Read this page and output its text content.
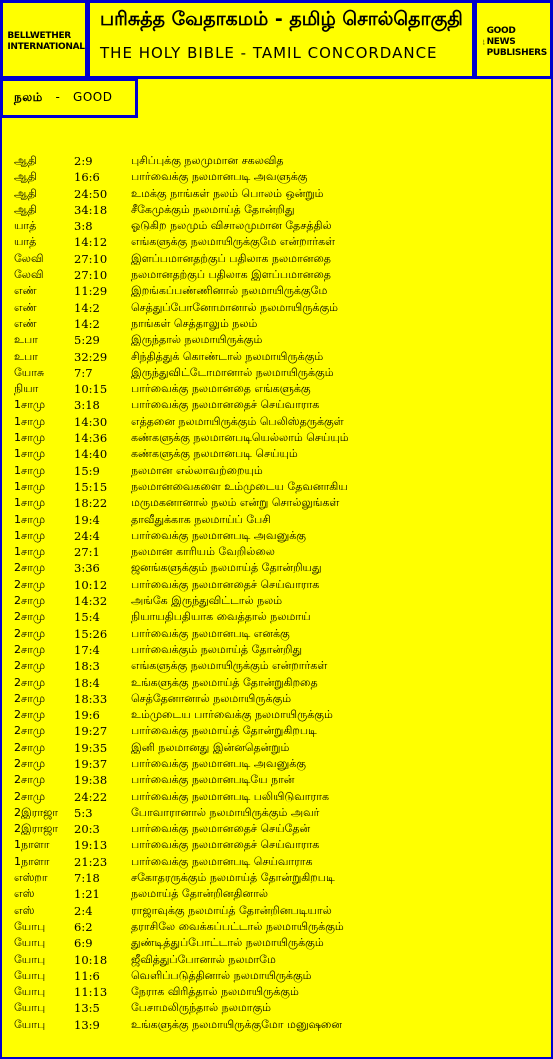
BELLWETHER
INTERNATIONAL
பரிசுத்த வேதாகமம் - தமிழ் சொல்தொகுதி
THE HOLY BIBLE - TAMIL CONCORDANCE
GOOD NEWS
PUBLISHERS
நலம் - GOOD
ஆதி	2:9	புசிப்புக்கு நலமுமான சகலவித
ஆதி	16:6	பார்வைக்கு நலமானபடி அவளுக்கு
ஆதி	24:50	உமக்கு நாங்கள் நலம் பொலம் ஒன்றும்
ஆதி	34:18	சீகேமுக்கும் நலமாய்த் தோன்றிது
யாத்	3:8	ஓடுகிற நலமும் விசாலமுமான தேசத்தில்
யாத்	14:12	எங்களுக்கு நலமாயிருக்குமே என்றார்கள்
லேவி	27:10	இளப்பமானதற்குப் பதிலாக நலமானதை
லேவி	27:10	நலமானதற்குப் பதிலாக இளப்பமானதை
எண்	11:29	இறங்கப்பண்ணினால் நலமாயிருக்குமே
எண்	14:2	செத்துப்போனோமானால் நலமாயிருக்கும்
எண்	14:2	நாங்கள் செத்தாலும் நலம்
உபா	5:29	இருந்தால் நலமாயிருக்கும்
உபா	32:29	சிந்தித்துக் கொண்டால் நலமாயிருக்கும்
யோசு	7:7	இருந்துவிட்டோமானால் நலமாயிருக்கும்
நியா	10:15	பார்வைக்கு நலமானதை எங்களுக்கு
1சாமு	3:18	பார்வைக்கு நலமானதைச் செய்வாராக
1சாமு	14:30	எத்தனை நலமாயிருக்கும் பெலிஸ்தருக்குள்
1சாமு	14:36	கண்களுக்கு நலமானபடியெல்லாம் செய்யும்
1சாமு	14:40	கண்களுக்கு நலமானபடி செய்யும்
1சாமு	15:9	நலமான எல்லாவற்றையும்
1சாமு	15:15	நலமானவைகளை உம்முடைய தேவனாகிய
1சாமு	18:22	மருமகனானால் நலம் என்று சொல்லுங்கள்
1சாமு	19:4	தாவீதுக்காக நலமாய்ப் பேசி
1சாமு	24:4	பார்வைக்கு நலமானபடி அவனுக்கு
1சாமு	27:1	நலமான காரியம் வேறில்லை
2சாமு	3:36	ஜனங்களுக்கும் நலமாய்த் தோன்றியது
2சாமு	10:12	பார்வைக்கு நலமானதைச் செய்வாராக
2சாமு	14:32	அங்கே இருந்துவிட்டால் நலம்
2சாமு	15:4	நியாயதிபதியாக வைத்தால் நலமாய்
2சாமு	15:26	பார்வைக்கு நலமானபடி எனக்கு
2சாமு	17:4	பார்வைக்கும் நலமாய்த் தோன்றிது
2சாமு	18:3	எங்களுக்கு நலமாயிருக்கும் என்றார்கள்
2சாமு	18:4	உங்களுக்கு நலமாய்த் தோன்றுகிறதை
2சாமு	18:33	செத்தேனானால் நலமாயிருக்கும்
2சாமு	19:6	உம்முடைய பார்வைக்கு நலமாயிருக்கும்
2சாமு	19:27	பார்வைக்கு நலமாய்த் தோன்றுகிறபடி
2சாமு	19:35	இனி நலமானது இன்னதென்றும்
2சாமு	19:37	பார்வைக்கு நலமானபடி அவனுக்கு
2சாமு	19:38	பார்வைக்கு நலமானபடியே நான்
2சாமு	24:22	பார்வைக்கு நலமானபடி பலியிடுவாராக
2இராஜா	5:3	போவாரானால் நலமாயிருக்கும் அவர்
2இராஜா	20:3	பார்வைக்கு நலமானதைச் செய்தேன்
1நாளா	19:13	பார்வைக்கு நலமானதைச் செய்வாராக
1நாளா	21:23	பார்வைக்கு நலமானபடி செய்வாராக
எஸ்றா	7:18	சகோதரருக்கும் நலமாய்த் தோன்றுகிறபடி
எஸ்	1:21	நலமாய்த் தோன்றினதினால்
எஸ்	2:4	ராஜாவுக்கு நலமாய்த் தோன்றினபடியால்
யோபு	6:2	தராசிலே வைக்கப்பட்டால் நலமாயிருக்கும்
யோபு	6:9	துண்டித்துப்போட்டால் நலமாயிருக்கும்
யோபு	10:18	ஜீவித்துப்போனால் நலமாமே
யோபு	11:6	வெளிப்படுத்தினால் நலமாயிருக்கும்
யோபு	11:13	நேராக விரித்தால் நலமாயிருக்கும்
யோபு	13:5	பேசாமலிருந்தால் நலமாகும்
யோபு	13:9	உங்களுக்கு நலமாயிருக்குமோ மனுஷனை
